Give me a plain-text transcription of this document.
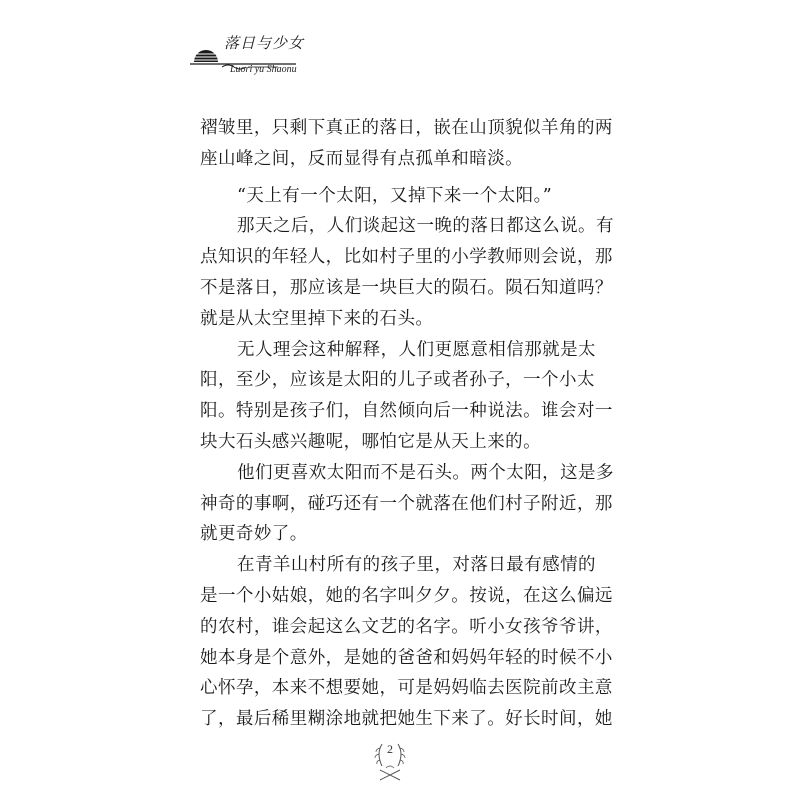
落日与少女
Luori yu Shaonu
褶皱里，只剩下真正的落日，嵌在山顶貌似羊角的两
座山峰之间，反而显得有点孤单和暗淡。
“天上有一个太阳，又掉下来一个太阳。”
那天之后，人们谈起这一晚的落日都这么说。有
点知识的年轻人，比如村子里的小学教师则会说，那
不是落日，那应该是一块巨大的陨石。陨石知道吗？
就是从太空里掉下来的石头。
无人理会这种解释，人们更愿意相信那就是太
阳，至少，应该是太阳的儿子或者孙子，一个小太
阳。特别是孩子们，自然倾向后一种说法。谁会对一
块大石头感兴趣呢，哪怕它是从天上来的。
他们更喜欢太阳而不是石头。两个太阳，这是多
神奇的事啊，碰巧还有一个就落在他们村子附近，那
就更奇妙了。
在青羊山村所有的孩子里，对落日最有感情的
是一个小姑娘，她的名字叫夕夕。按说，在这么偏远
的农村，谁会起这么文艺的名字。听小女孩爷爷讲，
她本身是个意外，是她的爸爸和妈妈年轻的时候不小
心怀孕，本来不想要她，可是妈妈临去医院前改主意
了，最后稀里糊涂地就把她生下来了。好长时间，她
2
